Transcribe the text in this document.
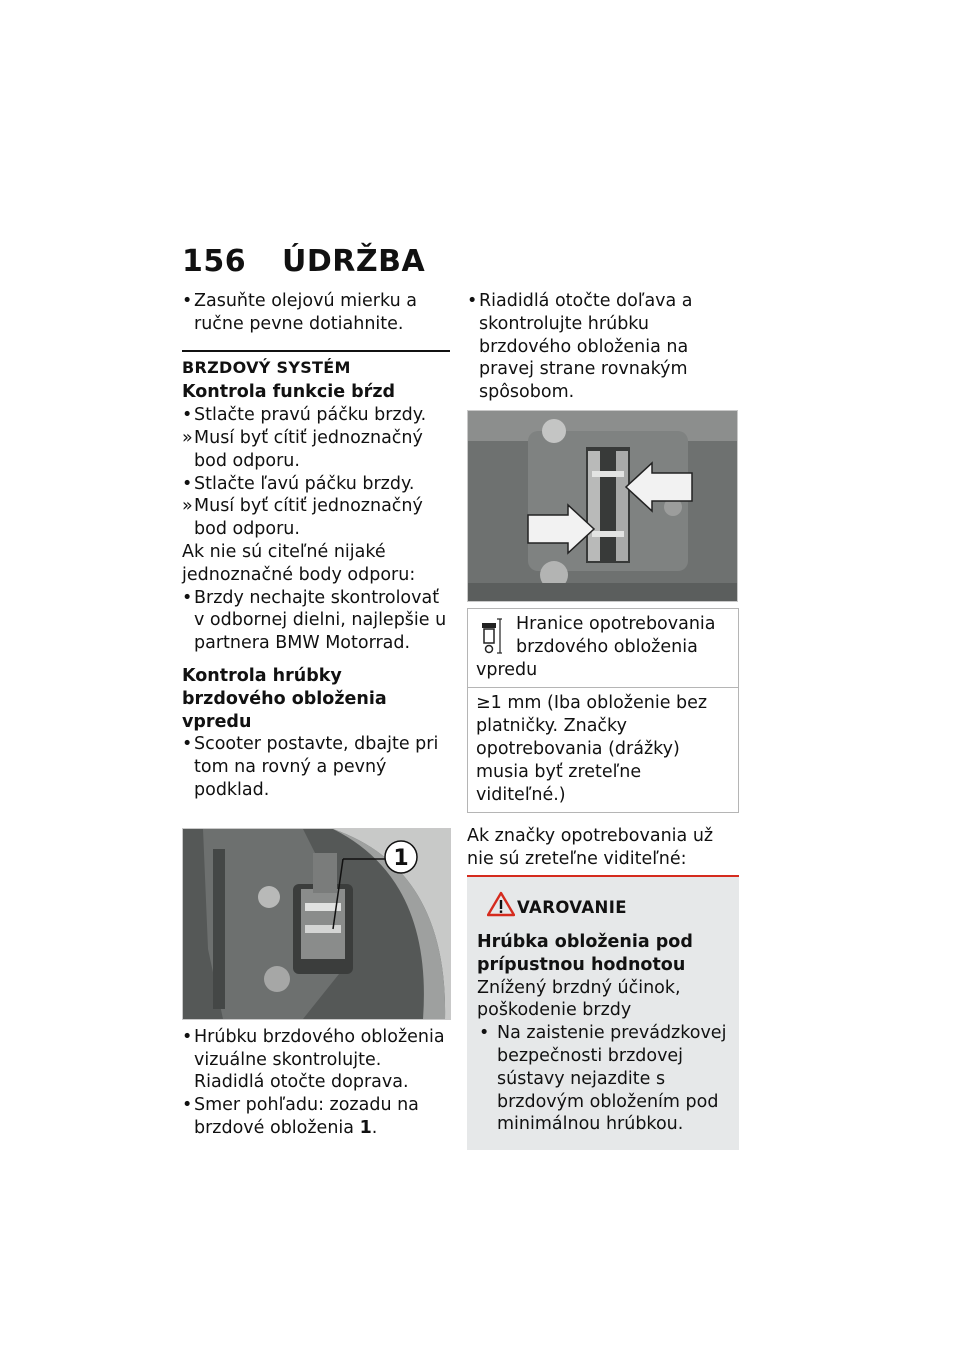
156 ÚDRŽBA
• Zasuňte olejovú mierku a ručne pevne dotiahnite.
BRZDOVÝ SYSTÉM
Kontrola funkcie bŕzd
• Stlačte pravú páčku brzdy.
» Musí byť cítiť jednoznačný bod odporu.
• Stlačte ľavú páčku brzdy.
» Musí byť cítiť jednoznačný bod odporu.

Ak nie sú citeľné nijaké jednoznačné body odporu:

• Brzdy nechajte skontrolovať v odbornej dielni, najlepšie u partnera BMW Motorrad.
Kontrola hrúbky brzdového obloženia vpredu
• Scooter postavte, dbajte pri tom na rovný a pevný podklad.
1
• Hrúbku brzdového obloženia vizuálne skontrolujte. Riadidlá otočte doprava.
• Smer pohľadu: zozadu na brzdové obloženia 1.
• Riadidlá otočte doľava a skontrolujte hrúbku brzdového obloženia na pravej strane rovnakým spôsobom.
Hranice opotrebovania brzdového obloženia
vpredu
≥1 mm (Iba obloženie bez platničky. Značky opotrebovania (drážky) musia byť zreteľne viditeľné.)

Ak značky opotrebovania už nie sú zreteľne viditeľné:

VAROVANIE
Hrúbka obloženia pod prípustnou hodnotou
Znížený brzdný účinok, poškodenie brzdy
• Na zaistenie prevádzkovej bezpečnosti brzdovej sústavy nejazdite s brzdovým obložením pod minimálnou hrúbkou.
